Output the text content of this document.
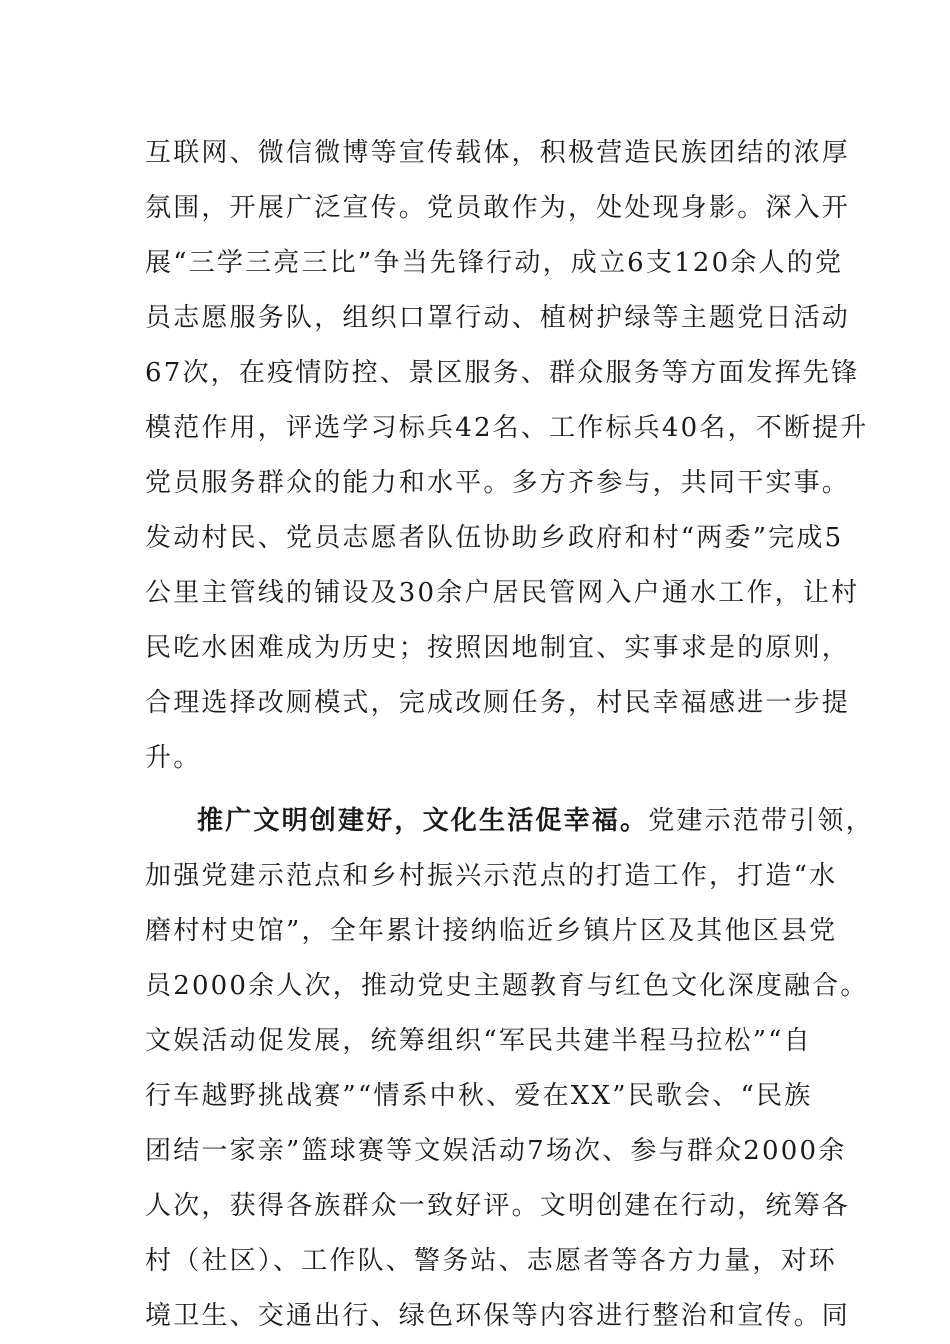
互联网、微信微博等宣传载体，积极营造民族团结的浓厚
氛围，开展广泛宣传。党员敢作为，处处现身影。深入开
展“三学三亮三比”争当先锋行动，成立6支120余人的党
员志愿服务队，组织口罩行动、植树护绿等主题党日活动
67次，在疫情防控、景区服务、群众服务等方面发挥先锋
模范作用，评选学习标兵42名、工作标兵40名，不断提升
党员服务群众的能力和水平。多方齐参与，共同干实事。
发动村民、党员志愿者队伍协助乡政府和村“两委”完成5
公里主管线的铺设及30余户居民管网入户通水工作，让村
民吃水困难成为历史；按照因地制宜、实事求是的原则，
合理选择改厕模式，完成改厕任务，村民幸福感进一步提
升。
推广文明创建好，文化生活促幸福。党建示范带引领，
加强党建示范点和乡村振兴示范点的打造工作，打造“水
磨村村史馆”，全年累计接纳临近乡镇片区及其他区县党
员2000余人次，推动党史主题教育与红色文化深度融合。
文娱活动促发展，统筹组织“军民共建半程马拉松”“自
行车越野挑战赛”“情系中秋、爱在XX”民歌会、“民族
团结一家亲”篮球赛等文娱活动7场次、参与群众2000余
人次，获得各族群众一致好评。文明创建在行动，统筹各
村（社区）、工作队、警务站、志愿者等各方力量，对环
境卫生、交通出行、绿色环保等内容进行整治和宣传。同
